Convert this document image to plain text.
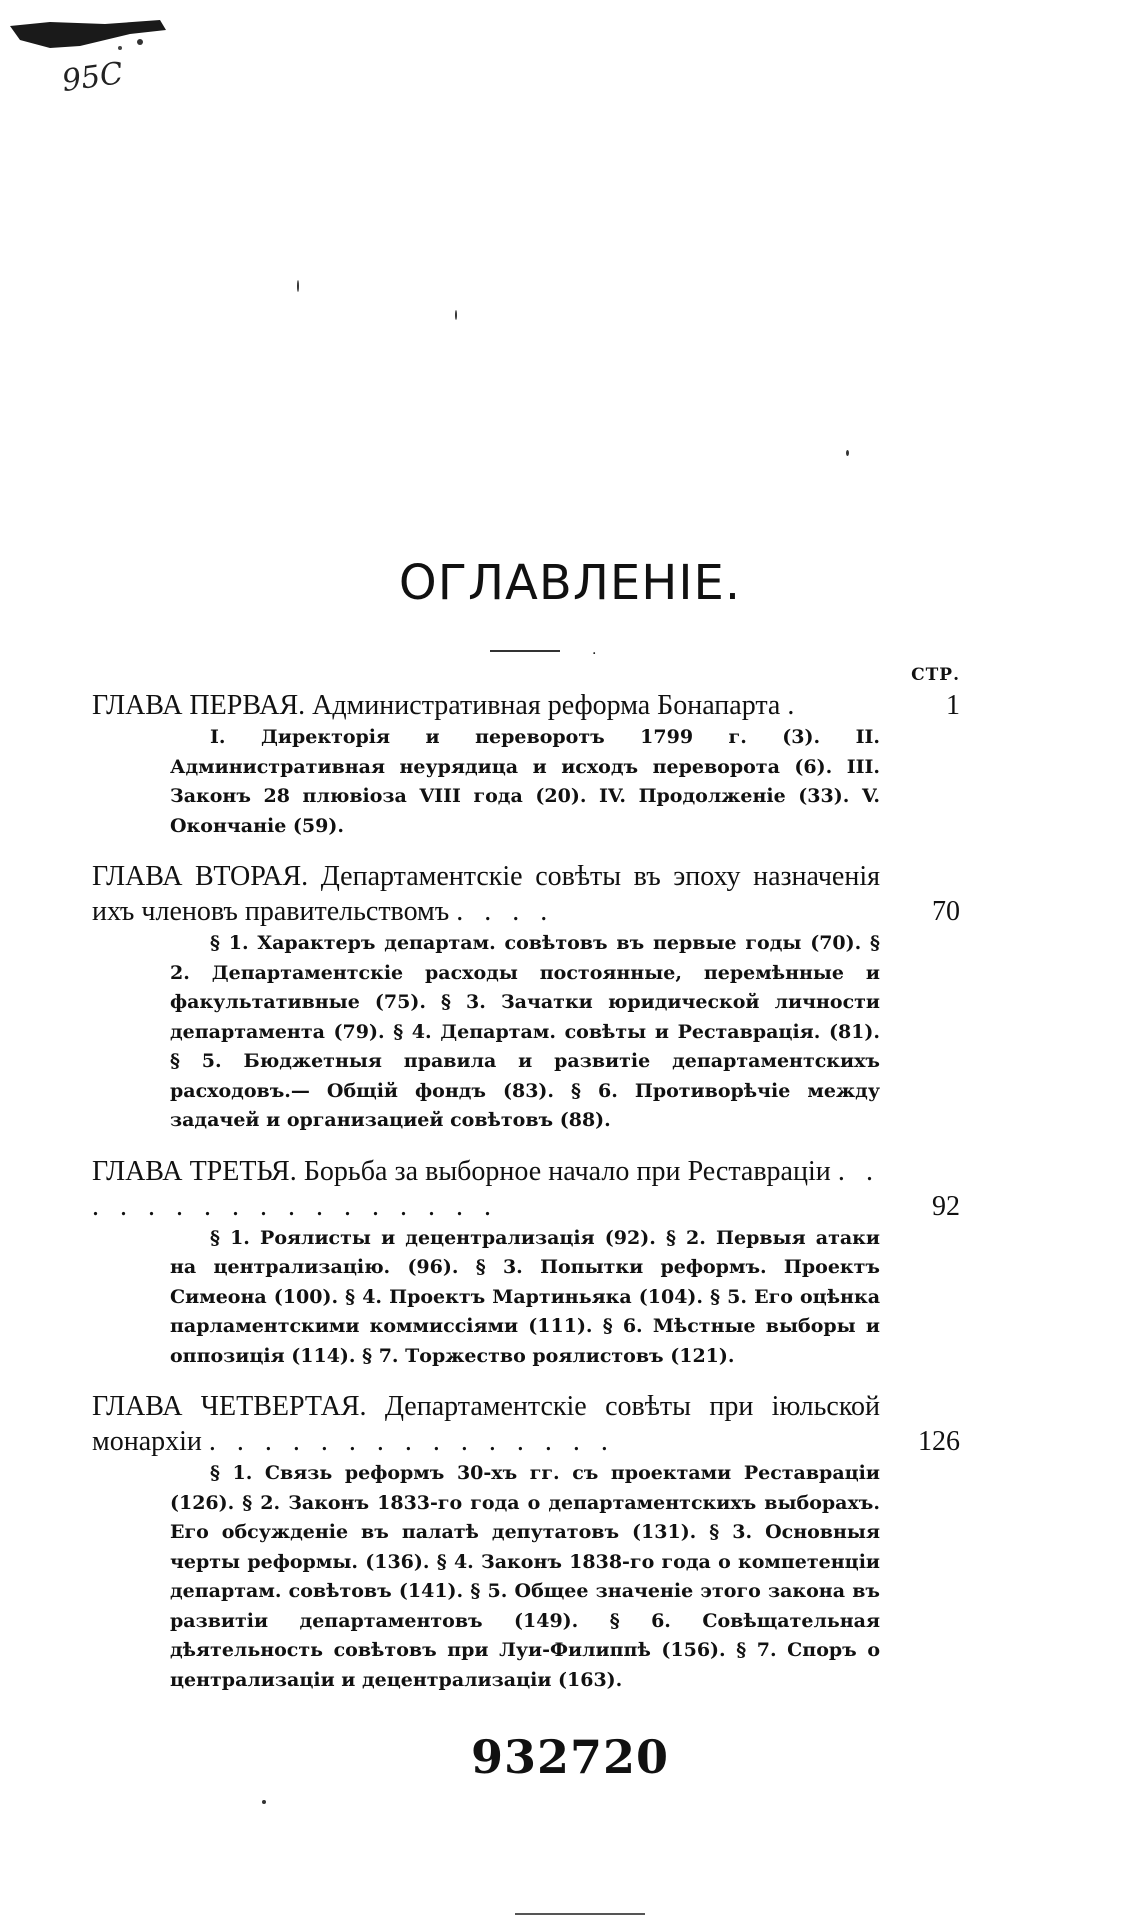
95С
ОГЛАВЛЕНIЕ.
·
СТР.
ГЛАВА ПЕРВАЯ. Административная реформа Бонапарта .	1
I. Директорія и переворотъ 1799 г. (3). II. Административная неурядица и исходъ переворота (6). III. Законъ 28 плювіоза VIII года (20). IV. Продолженіе (33). V. Окончаніе (59).
ГЛАВА ВТОРАЯ. Департаментскіе совѣты въ эпоху назначенія ихъ членовъ правительствомъ . . . .	70
§ 1. Характеръ департам. совѣтовъ въ первые годы (70). § 2. Департаментскіе расходы постоянные, перемѣнные и факультативные (75). § 3. Зачатки юридической личности департамента (79). § 4. Департам. совѣты и Реставрація. (81). § 5. Бюджетныя правила и развитіе департаментскихъ расходовъ.— Общій фондъ (83). § 6. Противорѣчіе между задачей и организацией совѣтовъ (88).
ГЛАВА ТРЕТЬЯ. Борьба за выборное начало при Реставраціи . . . . . . . . . . . . . . . . .	92
§ 1. Роялисты и децентрализація (92). § 2. Первыя атаки на централизацію. (96). § 3. Попытки реформъ. Проектъ Симеона (100). § 4. Проектъ Мартиньяка (104). § 5. Его оцѣнка парламентскими коммиссіями (111). § 6. Мѣстные выборы и оппозиція (114). § 7. Торжество роялистовъ (121).
ГЛАВА ЧЕТВЕРТАЯ. Департаментскіе совѣты при іюльской монархіи . . . . . . . . . . . . . . .	126
§ 1. Связь реформъ 30-хъ гг. съ проектами Реставраціи (126). § 2. Законъ 1833-го года о департаментскихъ выборахъ. Его обсужденіе въ палатѣ депутатовъ (131). § 3. Основныя черты реформы. (136). § 4. Законъ 1838-го года о компетенціи департам. совѣтовъ (141). § 5. Общее значеніе этого закона въ развитіи департаментовъ (149). § 6. Совѣщательная дѣятельность совѣтовъ при Луи-Филиппѣ (156). § 7. Споръ о централизаціи и децентрализаціи (163).
932720
